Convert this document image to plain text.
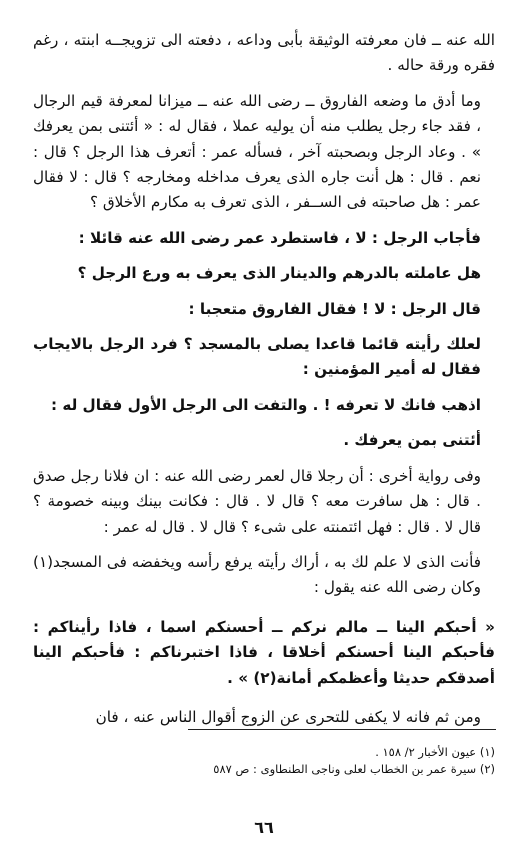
الله عنه ــ فان معرفته الوثيقة بأبى وداعه ، دفعته الى تزويجــه ابنته ، رغم فقره ورقة حاله .

وما أدق ما وضعه الفاروق ــ رضى الله عنه ــ ميزانا لمعرفة قيم الرجال ، فقد جاء رجل يطلب منه أن يوليه عملا ، فقال له : « أئتنى بمن يعرفك » . وعاد الرجل وبصحبته آخر ، فسأله عمر : أتعرف هذا الرجل ؟ قال : نعم . قال : هل أنت جاره الذى يعرف مداخله ومخارجه ؟ قال : لا فقال عمر : هل صاحبته فى الســفر ، الذى تعرف به مكارم الأخلاق ؟

فأجاب الرجل : لا ، فاستطرد عمر رضى الله عنه قائلا :

هل عاملته بالدرهم والدينار الذى يعرف به ورع الرجل ؟

قال الرجل : لا ! فقال الفاروق متعجبا :

لعلك رأيته قائما قاعدا يصلى بالمسجد ؟ فرد الرجل بالايجاب فقال له أمير المؤمنين :

اذهب فانك لا تعرفه ! . والتفت الى الرجل الأول فقال له :

أئتنى بمن يعرفك .

وفى رواية أخرى : أن رجلا قال لعمر رضى الله عنه : ان فلانا رجل صدق . قال : هل سافرت معه ؟ قال لا . قال : فكانت بينك وبينه خصومة ؟ قال لا . قال : فهل ائتمنته على شىء ؟ قال لا . قال له عمر :

فأنت الذى لا علم لك به ، أراك رأيته يرفع رأسه ويخفضه فى المسجد(١) وكان رضى الله عنه يقول :

« أحبكم الينا ــ مالم نركم ــ أحسنكم اسما ، فاذا رأيناكم : فأحبكم الينا أحسنكم أخلاقا ، فاذا اختبرناكم : فأحبكم الينا أصدقكم حديثا وأعظمكم أمانة(٢) » .

ومن ثم فانه لا يكفى للتحرى عن الزوج أقوال الناس عنه ، فان

(١) عيون الأخبار ٢/ ١٥٨ .

(٢) سيرة عمر بن الخطاب لعلى وناجى الطنطاوى : ص ٥٨٧

٦٦
